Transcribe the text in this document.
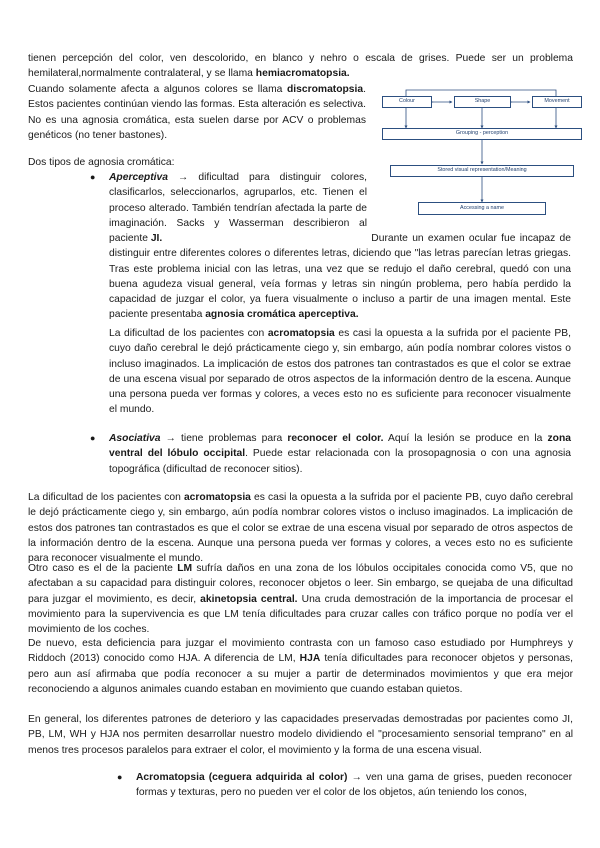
tienen percepción del color, ven descolorido, en blanco y nehro o escala de grises. Puede ser un problema hemilateral,normalmente contralateral, y se llama hemiacromatopsia.

Cuando solamente afecta a algunos colores se llama discromatopsia. Estos pacientes continúan viendo las formas. Esta alteración es selectiva. No es una agnosia cromática, esta suelen darse por ACV o problemas genéticos (no tener bastones).

Dos tipos de agnosia cromática:

● Aperceptiva → dificultad para distinguir colores, clasificarlos, seleccionarlos, agruparlos, etc. Tienen el proceso alterado. También tendrían afectada la parte de imaginación. Sacks y Wasserman describieron al paciente JI.	Durante un examen ocular fue incapaz de distinguir entre diferentes colores o diferentes letras, diciendo que "las letras parecían letras griegas. Tras este problema inicial con las letras, una vez que se redujo el daño cerebral, quedó con una buena agudeza visual general, veía formas y letras sin ningún problema, pero había perdido la capacidad de juzgar el color, ya fuera visualmente o incluso a partir de una imagen mental. Este paciente presentaba agnosia cromática aperceptiva.

La dificultad de los pacientes con acromatopsia es casi la opuesta a la sufrida por el paciente PB, cuyo daño cerebral le dejó prácticamente ciego y, sin embargo, aún podía nombrar colores vistos o incluso imaginados. La implicación de estos dos patrones tan contrastados es que el color se extrae de una escena visual por separado de otros aspectos de la información dentro de la escena. Aunque una persona pueda ver formas y colores, a veces esto no es suficiente para reconocer visualmente el mundo.

● Asociativa → tiene problemas para reconocer el color. Aquí la lesión se produce en la zona ventral del lóbulo occipital. Puede estar relacionada con la prosopagnosia o con una agnosia topográfica (dificultad de reconocer sitios).

La dificultad de los pacientes con acromatopsia es casi la opuesta a la sufrida por el paciente PB, cuyo daño cerebral le dejó prácticamente ciego y, sin embargo, aún podía nombrar colores vistos o incluso imaginados. La implicación de estos dos patrones tan contrastados es que el color se extrae de una escena visual por separado de otros aspectos de la información dentro de la escena. Aunque una persona pueda ver formas y colores, a veces esto no es suficiente para reconocer visualmente el mundo.

Otro caso es el de la paciente LM sufría daños en una zona de los lóbulos occipitales conocida como V5, que no afectaban a su capacidad para distinguir colores, reconocer objetos o leer. Sin embargo, se quejaba de una dificultad para juzgar el movimiento, es decir, akinetopsia central. Una cruda demostración de la importancia de procesar el movimiento para la supervivencia es que LM tenía dificultades para cruzar calles con tráfico porque no podía ver el movimiento de los coches.

De nuevo, esta deficiencia para juzgar el movimiento contrasta con un famoso caso estudiado por Humphreys y Riddoch (2013) conocido como HJA. A diferencia de LM, HJA tenía dificultades para reconocer objetos y personas, pero aun así afirmaba que podía reconocer a su mujer a partir de determinados movimientos y que era mejor reconociendo a algunos animales cuando estaban en movimiento que cuando estaban quietos.

En general, los diferentes patrones de deterioro y las capacidades preservadas demostradas por pacientes como JI, PB, LM, WH y HJA nos permiten desarrollar nuestro modelo dividiendo el "procesamiento sensorial temprano" en al menos tres procesos paralelos para extraer el color, el movimiento y la forma de una escena visual.

● Acromatopsia (ceguera adquirida al color) → ven una gama de grises, pueden reconocer formas y texturas, pero no pueden ver el color de los objetos, aún teniendo los conos,

Colour	Shape	Movement
Grouping - perception
Stored visual representation/Meaning
Accessing a name
